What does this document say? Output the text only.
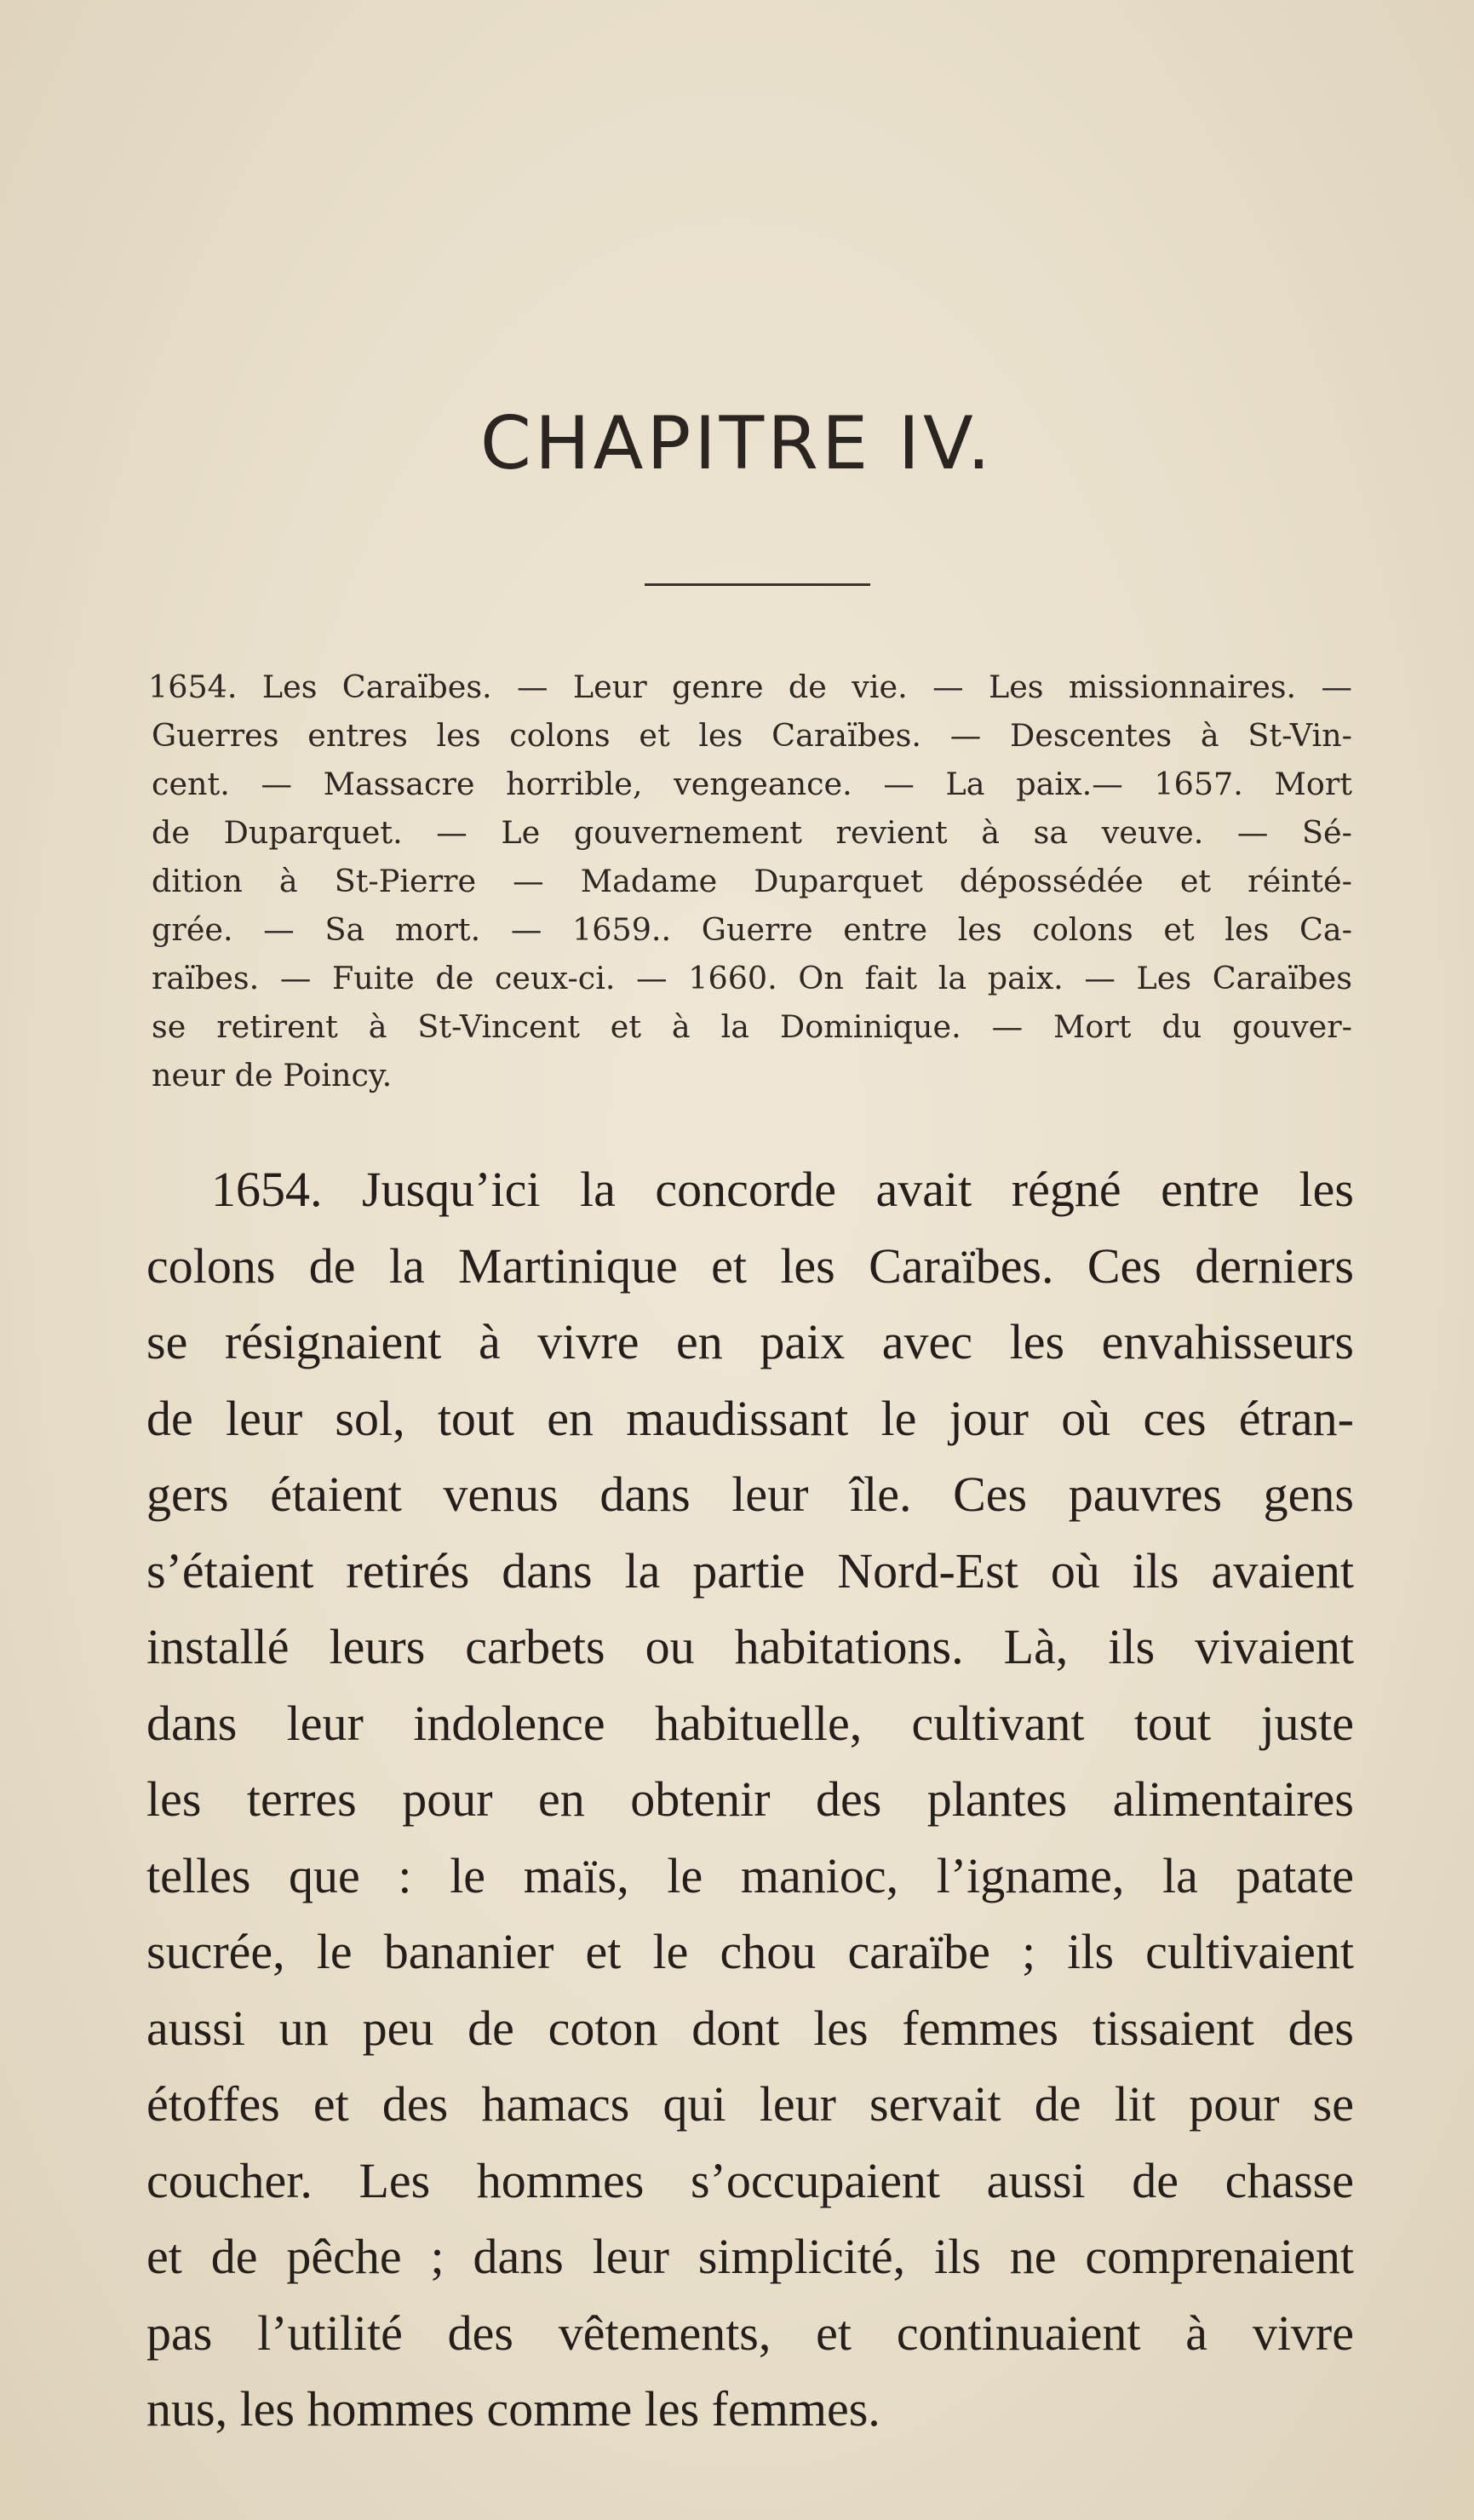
CHAPITRE IV.
1654. Les Caraïbes. — Leur genre de vie. — Les missionnaires. —
Guerres entres les colons et les Caraïbes. — Descentes à St-Vin-
cent. — Massacre horrible, vengeance. — La paix.— 1657. Mort
de Duparquet. — Le gouvernement revient à sa veuve. — Sé-
dition à St-Pierre — Madame Duparquet dépossédée et réinté-
grée. — Sa mort. — 1659.. Guerre entre les colons et les Ca-
raïbes. — Fuite de ceux-ci. — 1660. On fait la paix. — Les Caraïbes
se retirent à St-Vincent et à la Dominique. — Mort du gouver-
neur de Poincy.
1654. Jusqu’ici la concorde avait régné entre les
colons de la Martinique et les Caraïbes. Ces derniers
se résignaient à vivre en paix avec les envahisseurs
de leur sol, tout en maudissant le jour où ces étran-
gers étaient venus dans leur île. Ces pauvres gens
s’étaient retirés dans la partie Nord-Est où ils avaient
installé leurs carbets ou habitations. Là, ils vivaient
dans leur indolence habituelle, cultivant tout juste
les terres pour en obtenir des plantes alimentaires
telles que : le maïs, le manioc, l’igname, la patate
sucrée, le bananier et le chou caraïbe ; ils cultivaient
aussi un peu de coton dont les femmes tissaient des
étoffes et des hamacs qui leur servait de lit pour se
coucher. Les hommes s’occupaient aussi de chasse
et de pêche ; dans leur simplicité, ils ne comprenaient
pas l’utilité des vêtements, et continuaient à vivre
nus, les hommes comme les femmes.
